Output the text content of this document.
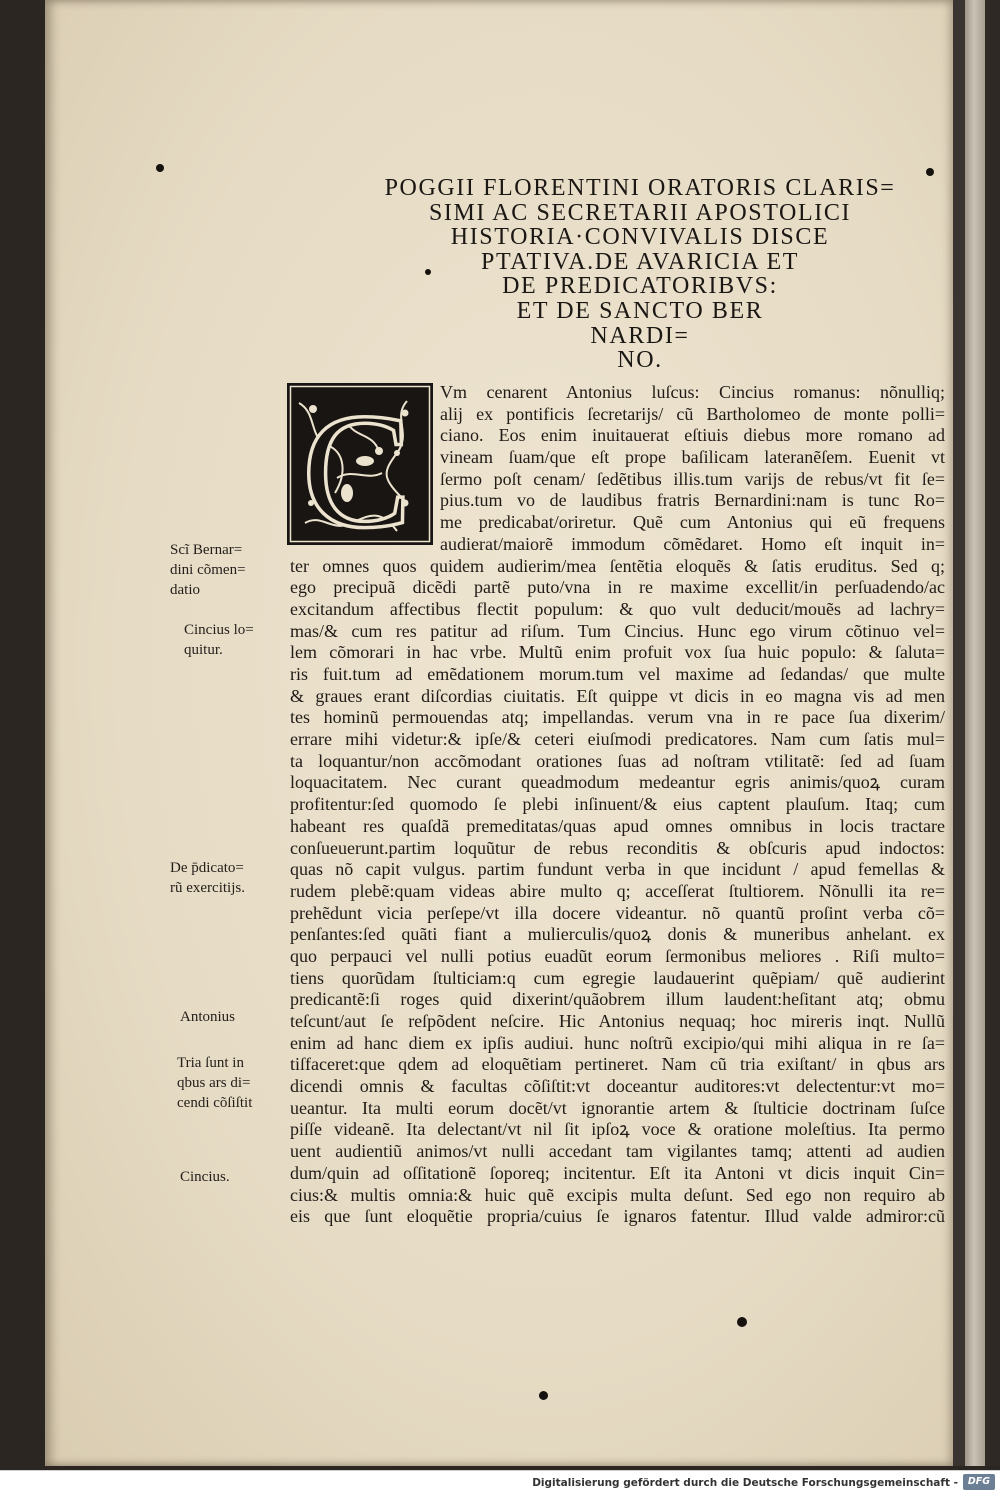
POGGII FLORENTINI ORATORIS CLARIS=
SIMI AC SECRETARII APOSTOLICI
HISTORIA·CONVIVALIS DISCE
PTATIVA.DE AVARICIA ET
DE PREDICATORIBVS:
ET DE SANCTO BER
NARDI=
NO.
C Vm cenarent Antonius luſcus: Cincius romanus: nõnulliq;
alij ex pontificis ſecretarijs/ cũ Bartholomeo de monte polli=
ciano. Eos enim inuitauerat eſtiuis diebus more romano ad
vineam ſuam/que eſt prope baſilicam lateranẽſem. Euenit vt
ſermo poſt cenam/ ſedẽtibus illis.tum varijs de rebus/vt fit ſe=
pius.tum vo de laudibus fratris Bernardini:nam is tunc Ro=
me predicabat/oriretur. Quẽ cum Antonius qui eũ frequens
audierat/maiorẽ immodum cõmẽdaret. Homo eſt inquit in=
ter omnes quos quidem audierim/mea ſentẽtia eloquẽs & ſatis eruditus. Sed q;
ego precipuã dicẽdi partẽ puto/vna in re maxime excellit/in perſuadendo/ac
excitandum affectibus flectit populum: & quo vult deducit/mouẽs ad lachry=
mas/& cum res patitur ad riſum. Tum Cincius. Hunc ego virum cõtinuo vel=
lem cõmorari in hac vrbe. Multũ enim profuit vox ſua huic populo: & ſaluta=
ris fuit.tum ad emẽdationem morum.tum vel maxime ad ſedandas/ que multe
& graues erant diſcordias ciuitatis. Eſt quippe vt dicis in eo magna vis ad men
tes hominũ permouendas atq; impellandas. verum vna in re pace ſua dixerim/
errare mihi videtur:& ipſe/& ceteri eiuſmodi predicatores. Nam cum ſatis mul=
ta loquantur/non accõmodant orationes ſuas ad noſtram vtilitatẽ: ſed ad ſuam
loquacitatem. Nec curant queadmodum medeantur egris animis/quoꝝ curam
profitentur:ſed quomodo ſe plebi inſinuent/& eius captent plauſum. Itaq; cum
habeant res quaſdã premeditatas/quas apud omnes omnibus in locis tractare
conſueuerunt.partim loquũtur de rebus reconditis & obſcuris apud indoctos:
quas nõ capit vulgus. partim fundunt verba in que incidunt / apud femellas &
rudem plebẽ:quam videas abire multo q; acceſſerat ſtultiorem. Nõnulli ita re=
prehẽdunt vicia perſepe/vt illa docere videantur. nõ quantũ proſint verba cõ=
penſantes:ſed quãti fiant a mulierculis/quoꝝ donis & muneribus anhelant. ex
quo perpauci vel nulli potius euadũt eorum ſermonibus meliores . Riſi multo=
tiens quorũdam ſtulticiam:q cum egregie laudauerint quẽpiam/ quẽ audierint
predicantẽ:ſi roges quid dixerint/quãobrem illum laudent:heſitant atq; obmu
teſcunt/aut ſe reſpõdent neſcire. Hic Antonius nequaq; hoc mireris inqt. Nullũ
enim ad hanc diem ex ipſis audiui. hunc noſtrũ excipio/qui mihi aliqua in re ſa=
tiſfaceret:que qdem ad eloquẽtiam pertineret. Nam cũ tria exiſtant/ in qbus ars
dicendi omnis & facultas cõſiſtit:vt doceantur auditores:vt delectentur:vt mo=
ueantur. Ita multi eorum docẽt/vt ignorantie artem & ſtulticie doctrinam ſuſce
piſſe videanẽ. Ita delectant/vt nil ſit ipſoꝝ voce & oratione moleſtius. Ita permo
uent audientiũ animos/vt nulli accedant tam vigilantes tamq; attenti ad audien
dum/quin ad oſſitationẽ ſoporeq; incitentur. Eſt ita Antoni vt dicis inquit Cin=
cius:& multis omnia:& huic quẽ excipis multa deſunt. Sed ego non requiro ab
eis que ſunt eloquẽtie propria/cuius ſe ignaros fatentur. Illud valde admiror:cũ
Scĩ Bernar=
dini cõmen=
datio
Cincius lo=
quitur.
De p̄dicato=
rũ exercitijs.
Antonius
Tria ſunt in
qbus ars di=
cendi cõſiſtit
Cincius.
Digitalisierung gefördert durch die Deutsche Forschungsgemeinschaft -	DFG
